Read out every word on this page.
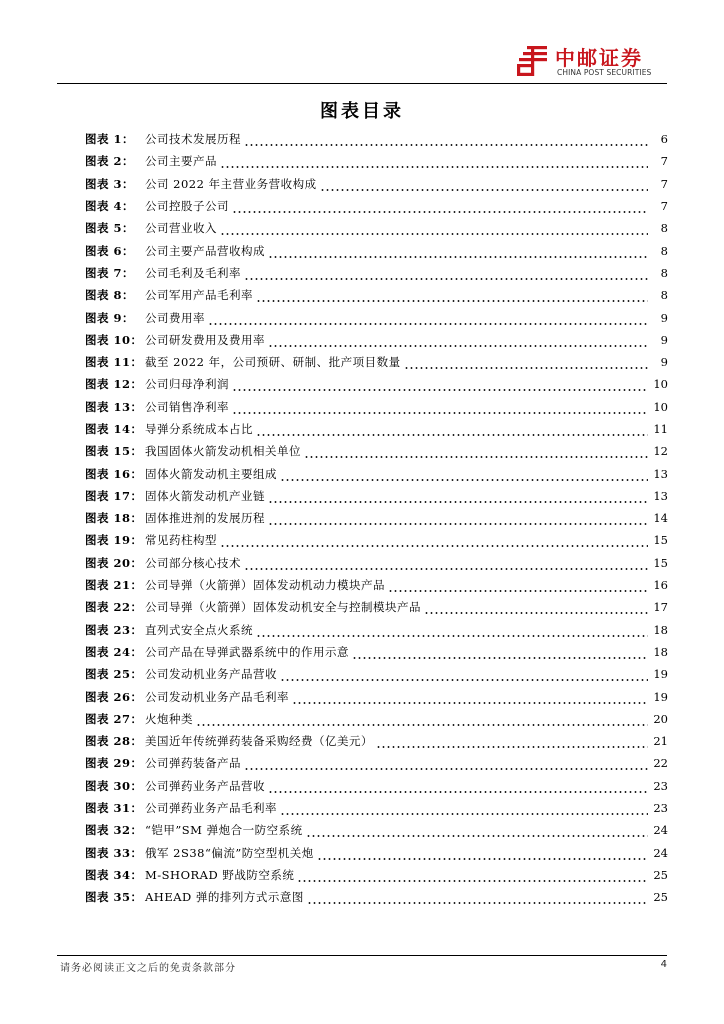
中邮证券
CHINA POST SECURITIES
图表目录
图表 1： 公司技术发展历程	6
图表 2： 公司主要产品	7
图表 3： 公司 2022 年主营业务营收构成	7
图表 4： 公司控股子公司	7
图表 5： 公司营业收入	8
图表 6： 公司主要产品营收构成	8
图表 7： 公司毛利及毛利率	8
图表 8： 公司军用产品毛利率	8
图表 9： 公司费用率	9
图表 10： 公司研发费用及费用率	9
图表 11： 截至 2022 年，公司预研、研制、批产项目数量	9
图表 12： 公司归母净利润	10
图表 13： 公司销售净利率	10
图表 14： 导弹分系统成本占比	11
图表 15： 我国固体火箭发动机相关单位	12
图表 16： 固体火箭发动机主要组成	13
图表 17： 固体火箭发动机产业链	13
图表 18： 固体推进剂的发展历程	14
图表 19： 常见药柱构型	15
图表 20： 公司部分核心技术	15
图表 21： 公司导弹（火箭弹）固体发动机动力模块产品	16
图表 22： 公司导弹（火箭弹）固体发动机安全与控制模块产品	17
图表 23： 直列式安全点火系统	18
图表 24： 公司产品在导弹武器系统中的作用示意	18
图表 25： 公司发动机业务产品营收	19
图表 26： 公司发动机业务产品毛利率	19
图表 27： 火炮种类	20
图表 28： 美国近年传统弹药装备采购经费（亿美元）	21
图表 29： 公司弹药装备产品	22
图表 30： 公司弹药业务产品营收	23
图表 31： 公司弹药业务产品毛利率	23
图表 32： “铠甲”SM 弹炮合一防空系统	24
图表 33： 俄军 2S38“偏流”防空型机关炮	24
图表 34： M-SHORAD 野战防空系统	25
图表 35： AHEAD 弹的排列方式示意图	25
请务必阅读正文之后的免责条款部分	4
